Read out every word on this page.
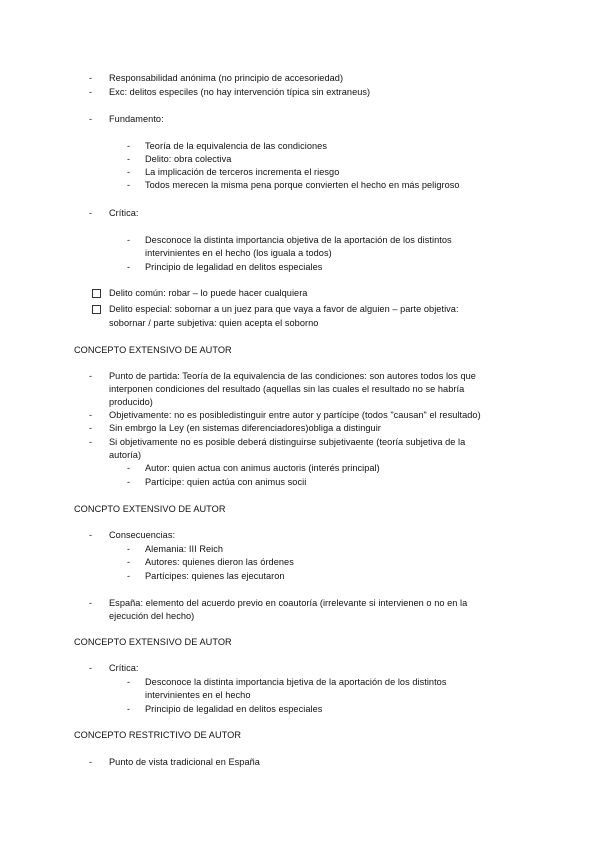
- Responsabilidad anónima (no principio de accesoriedad)
- Exc: delitos especiles (no hay intervención típica sin extraneus)
- Fundamento:
- Teoría de la equivalencia de las condiciones
- Delito: obra colectiva
- La implicación de terceros incrementa el riesgo
- Todos merecen la misma pena porque convierten el hecho en más peligroso
- Crítica:
- Desconoce la distinta importancia objetiva de la aportación de los distintos
intervinientes en el hecho (los iguala a todos)
- Principio de legalidad en delitos especiales
Delito común: robar – lo puede hacer cualquiera
Delito especial: sobornar a un juez para que vaya a favor de alguien – parte objetiva:
sobornar / parte subjetiva: quien acepta el soborno
CONCEPTO EXTENSIVO DE AUTOR
- Punto de partida: Teoría de la equivalencia de las condiciones: son autores todos los que
interponen condiciones del resultado (aquellas sin las cuales el resultado no se habría
producido)
- Objetivamente: no es posibledistinguir entre autor y partícipe (todos "causan" el resultado)
- Sin embrgo la Ley (en sistemas diferenciadores)obliga a distinguir
- Si objetivamente no es posible deberá distinguirse subjetivaente (teoría subjetiva de la
autoría)
- Autor: quien actua con animus auctoris (interés principal)
- Partícipe: quien actúa con animus socii
CONCPTO EXTENSIVO DE AUTOR
- Consecuencias:
- Alemania: III Reich
- Autores: quienes dieron las órdenes
- Partícipes: quienes las ejecutaron
- España: elemento del acuerdo previo en coautoría (irrelevante si intervienen o no en la
ejecución del hecho)
CONCEPTO EXTENSIVO DE AUTOR
- Crítica:
- Desconoce la distinta importancia bjetiva de la aportación de los distintos
intervinientes en el hecho
- Principio de legalidad en delitos especiales
CONCEPTO RESTRICTIVO DE AUTOR
- Punto de vista tradicional en España
